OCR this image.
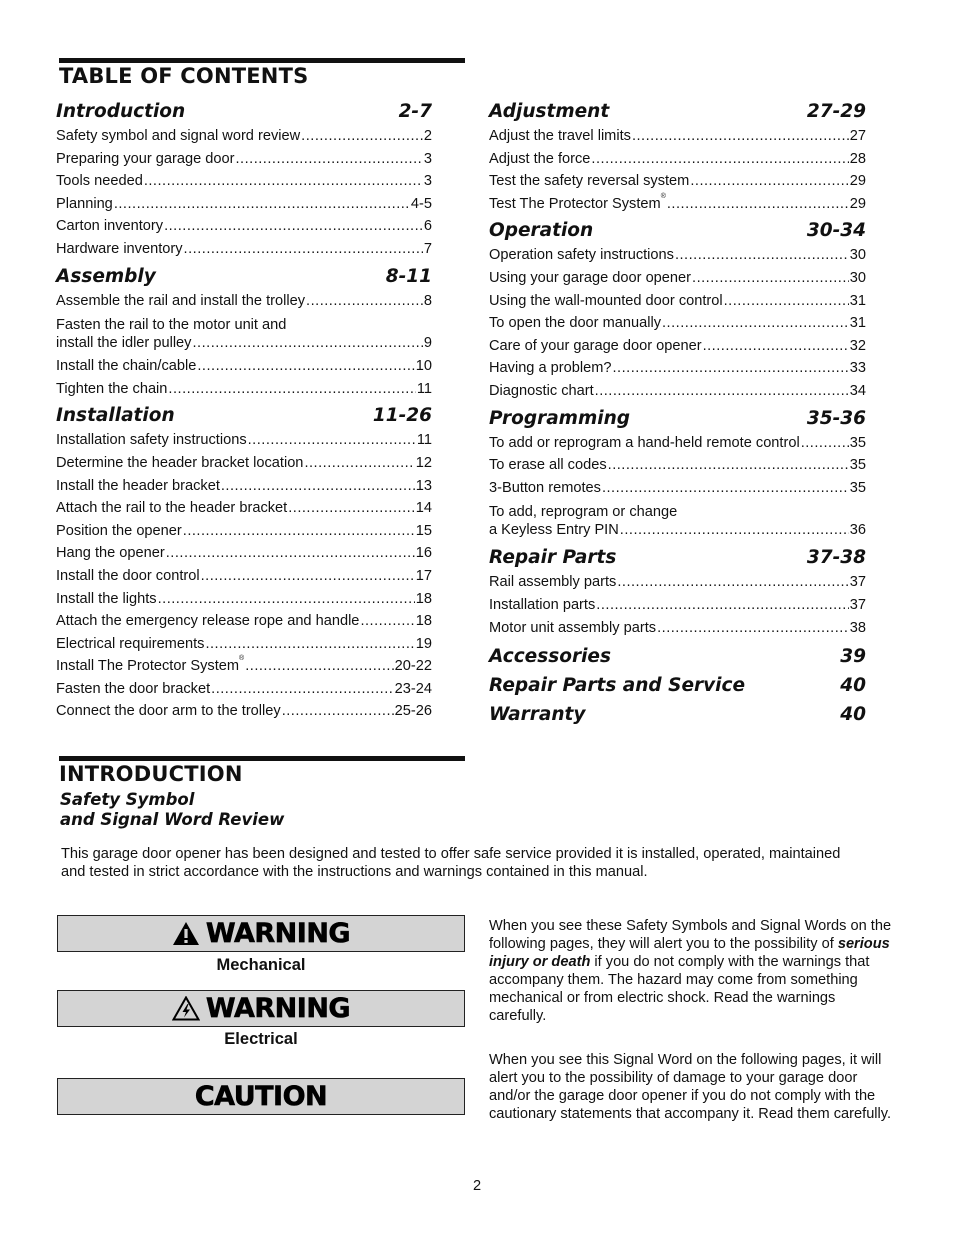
TABLE OF CONTENTS
Introduction	2-7
Safety symbol and signal word review .....	2
Preparing your garage door .....	3
Tools needed .....	3
Planning .....	4-5
Carton inventory .....	6
Hardware inventory .....	7
Assembly	8-11
Assemble the rail and install the trolley .....	8
Fasten the rail to the motor unit and
install the idler pulley .....	9
Install the chain/cable .....	10
Tighten the chain .....	11
Installation	11-26
Installation safety instructions .....	11
Determine the header bracket location .....	12
Install the header bracket .....	13
Attach the rail to the header bracket .....	14
Position the opener .....	15
Hang the opener .....	16
Install the door control .....	17
Install the lights .....	18
Attach the emergency release rope and handle .....	18
Electrical requirements .....	19
Install The Protector System® .....	20-22
Fasten the door bracket .....	23-24
Connect the door arm to the trolley .....	25-26
Adjustment	27-29
Adjust the travel limits .....	27
Adjust the force .....	28
Test the safety reversal system .....	29
Test The Protector System® .....	29
Operation	30-34
Operation safety instructions .....	30
Using your garage door opener .....	30
Using the wall-mounted door control .....	31
To open the door manually .....	31
Care of your garage door opener .....	32
Having a problem? .....	33
Diagnostic chart .....	34
Programming	35-36
To add or reprogram a hand-held remote control .....	35
To erase all codes .....	35
3-Button remotes .....	35
To add, reprogram or change
a Keyless Entry PIN .....	36
Repair Parts	37-38
Rail assembly parts .....	37
Installation parts .....	37
Motor unit assembly parts .....	38
Accessories	39
Repair Parts and Service	40
Warranty	40
INTRODUCTION
Safety Symbol
and Signal Word Review
This garage door opener has been designed and tested to offer safe service provided it is installed, operated, maintained and tested in strict accordance with the instructions and warnings contained in this manual.
WARNING
Mechanical
WARNING
Electrical
CAUTION
When you see these Safety Symbols and Signal Words on the following pages, they will alert you to the possibility of serious injury or death if you do not comply with the warnings that accompany them. The hazard may come from something mechanical or from electric shock. Read the warnings carefully.
When you see this Signal Word on the following pages, it will alert you to the possibility of damage to your garage door and/or the garage door opener if you do not comply with the cautionary statements that accompany it. Read them carefully.
2
